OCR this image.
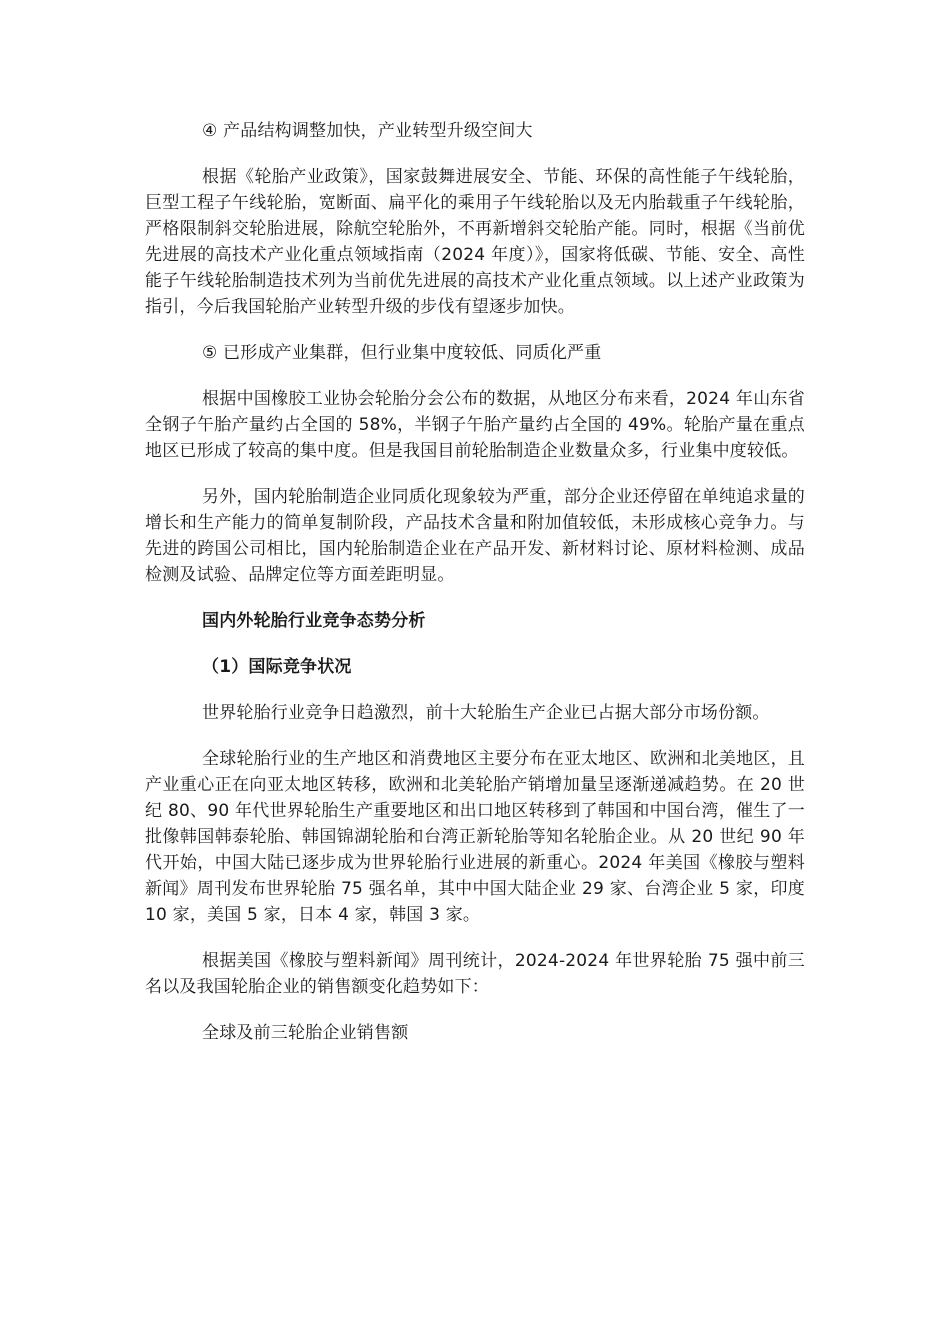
④ 产品结构调整加快，产业转型升级空间大

根据《轮胎产业政策》，国家鼓舞进展安全、节能、环保的高性能子午线轮胎，巨型工程子午线轮胎，宽断面、扁平化的乘用子午线轮胎以及无内胎载重子午线轮胎，严格限制斜交轮胎进展，除航空轮胎外，不再新增斜交轮胎产能。同时，根据《当前优先进展的高技术产业化重点领域指南（2024 年度）》，国家将低碳、节能、安全、高性能子午线轮胎制造技术列为当前优先进展的高技术产业化重点领域。以上述产业政策为指引，今后我国轮胎产业转型升级的步伐有望逐步加快。

⑤ 已形成产业集群，但行业集中度较低、同质化严重

根据中国橡胶工业协会轮胎分会公布的数据，从地区分布来看，2024 年山东省全钢子午胎产量约占全国的 58%，半钢子午胎产量约占全国的 49%。轮胎产量在重点地区已形成了较高的集中度。但是我国目前轮胎制造企业数量众多，行业集中度较低。

另外，国内轮胎制造企业同质化现象较为严重，部分企业还停留在单纯追求量的增长和生产能力的简单复制阶段，产品技术含量和附加值较低，未形成核心竞争力。与先进的跨国公司相比，国内轮胎制造企业在产品开发、新材料讨论、原材料检测、成品检测及试验、品牌定位等方面差距明显。

国内外轮胎行业竞争态势分析

（1）国际竞争状况

世界轮胎行业竞争日趋激烈，前十大轮胎生产企业已占据大部分市场份额。

全球轮胎行业的生产地区和消费地区主要分布在亚太地区、欧洲和北美地区，且产业重心正在向亚太地区转移，欧洲和北美轮胎产销增加量呈逐渐递减趋势。在 20 世纪 80、90 年代世界轮胎生产重要地区和出口地区转移到了韩国和中国台湾，催生了一批像韩国韩泰轮胎、韩国锦湖轮胎和台湾正新轮胎等知名轮胎企业。从 20 世纪 90 年代开始，中国大陆已逐步成为世界轮胎行业进展的新重心。2024 年美国《橡胶与塑料新闻》周刊发布世界轮胎 75 强名单，其中中国大陆企业 29 家、台湾企业 5 家，印度 10 家，美国 5 家，日本 4 家，韩国 3 家。

根据美国《橡胶与塑料新闻》周刊统计，2024-2024 年世界轮胎 75 强中前三名以及我国轮胎企业的销售额变化趋势如下：

全球及前三轮胎企业销售额
